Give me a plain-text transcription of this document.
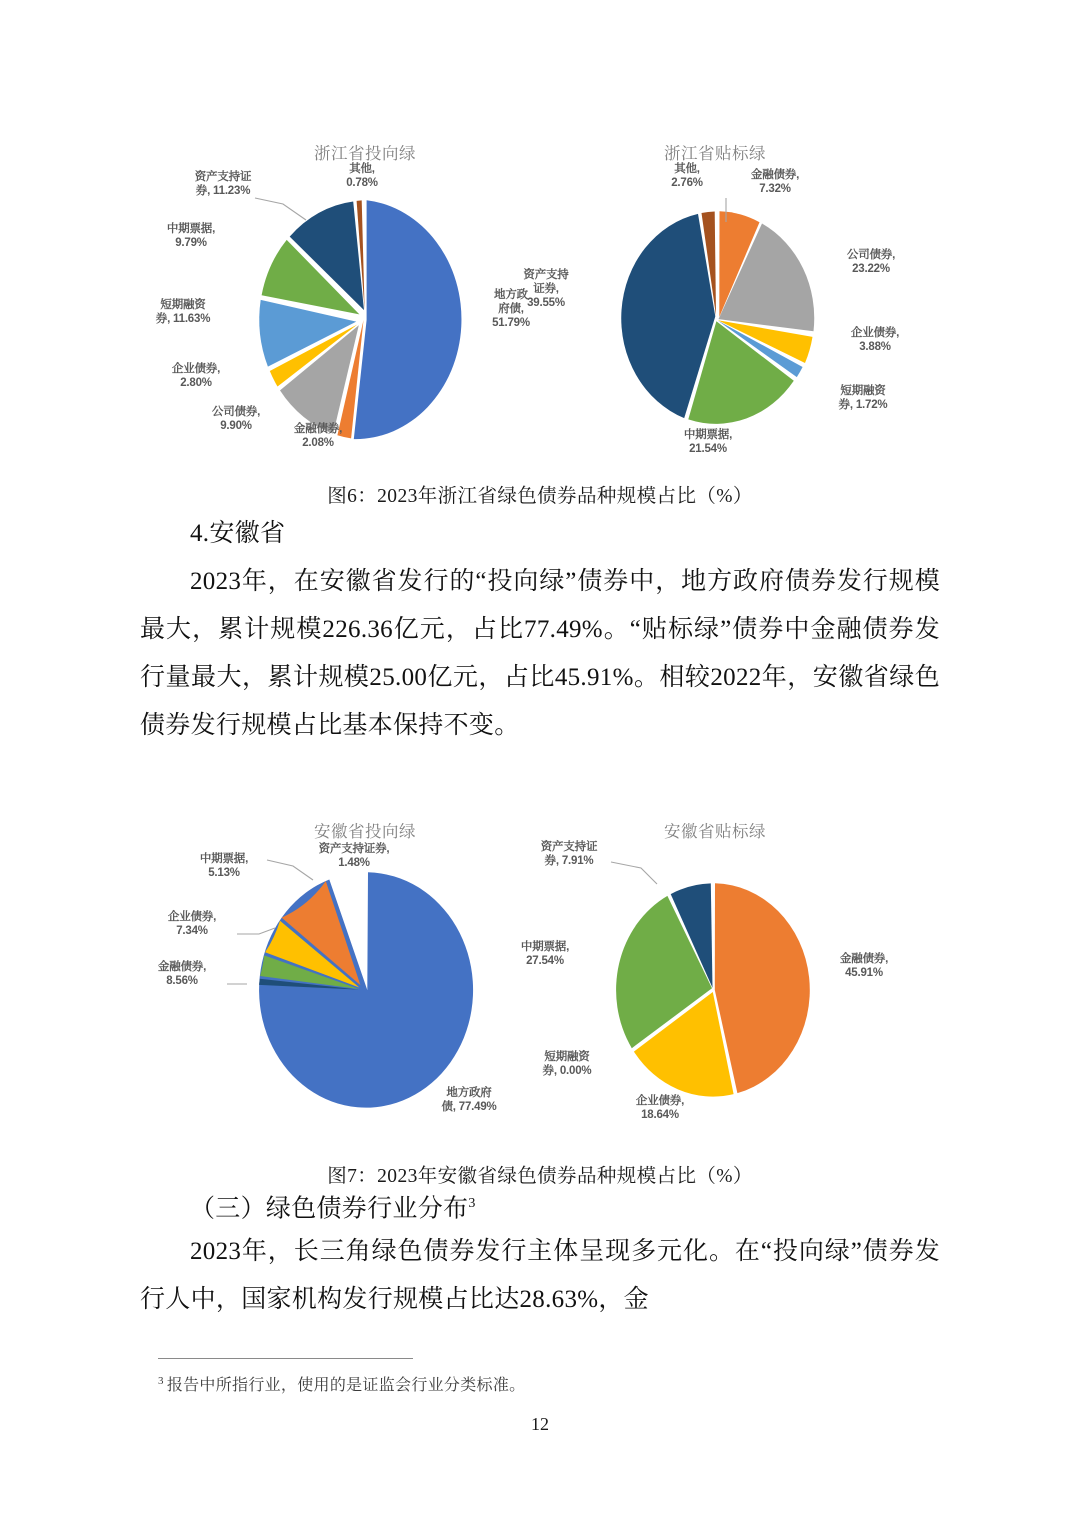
浙江省投向绿
其他,
0.78%
资产支持证
券, 11.23%
中期票据,
9.79%
短期融资
券, 11.63%
企业债券,
2.80%
公司债券,
9.90%	金融债券,
2.08%
地方政
府债,
51.79%
浙江省贴标绿
其他,
2.76%
金融债券,
7.32%
公司债券,
23.22%
企业债券,
3.88%
短期融资
券, 1.72%
中期票据,
21.54%
资产支持
证券,
39.55%
图6：2023年浙江省绿色债券品种规模占比（%）
4.安徽省
2023年，在安徽省发行的“投向绿”债券中，地方政府债券发行规模最大，累计规模226.36亿元，占比77.49%。“贴标绿”债券中金融债券发行量最大，累计规模25.00亿元，占比45.91%。相较2022年，安徽省绿色债券发行规模占比基本保持不变。
安徽省投向绿
资产支持证券,
1.48%
中期票据,
5.13%
企业债券,
7.34%
金融债券,
8.56%
地方政府
债, 77.49%
安徽省贴标绿
资产支持证
券, 7.91%
中期票据,
27.54%
短期融资
券, 0.00%
企业债券,
18.64%
金融债券,
45.91%
图7：2023年安徽省绿色债券品种规模占比（%）
（三）绿色债券行业分布$^3$
2023年，长三角绿色债券发行主体呈现多元化。在“投向绿”债券发行人中，国家机构发行规模占比达28.63%，金
$^3$ 报告中所指行业，使用的是证监会行业分类标准。
12
